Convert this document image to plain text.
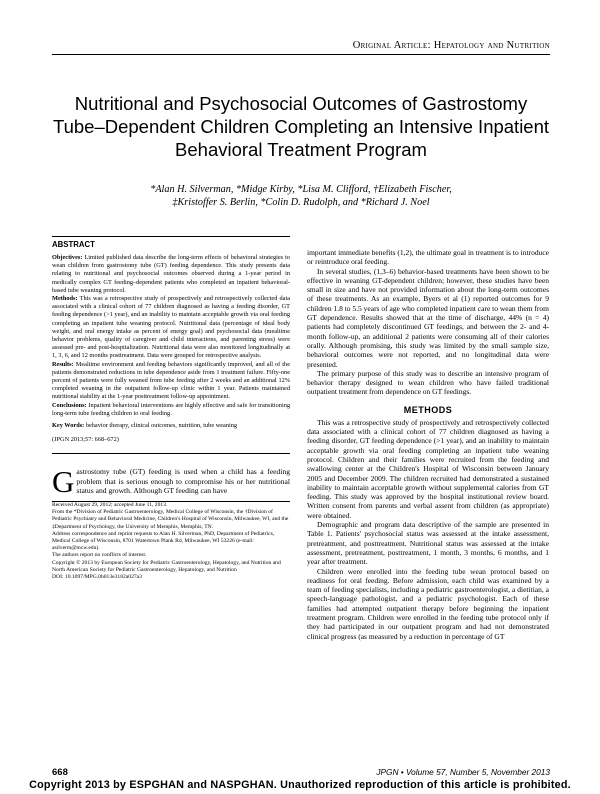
Original Article: Hepatology and Nutrition
Nutritional and Psychosocial Outcomes of Gastrostomy Tube–Dependent Children Completing an Intensive Inpatient Behavioral Treatment Program
*Alan H. Silverman, *Midge Kirby, *Lisa M. Clifford, †Elizabeth Fischer,
‡Kristoffer S. Berlin, *Colin D. Rudolph, and *Richard J. Noel
ABSTRACT

Objectives: Limited published data describe the long-term effects of behavioral strategies to wean children from gastrostomy tube (GT) feeding dependence. This study presents data relating to nutritional and psychosocial outcomes observed during a 1-year period in medically complex GT feeding–dependent patients who completed an inpatient behavioral-based tube weaning protocol.

Methods: This was a retrospective study of prospectively and retrospectively collected data associated with a clinical cohort of 77 children diagnosed as having a feeding disorder, GT feeding dependence (>1 year), and an inability to maintain acceptable growth via oral feeding completing an inpatient tube weaning protocol. Nutritional data (percentage of ideal body weight, and oral energy intake as percent of energy goal) and psychosocial data (mealtime behavior problems, quality of caregiver and child interactions, and parenting stress) were assessed pre- and post-hospitalization. Nutritional data were also monitored longitudinally at 1, 3, 6, and 12 months posttreatment. Data were grouped for retrospective analysis.

Results: Mealtime environment and feeding behaviors significantly improved, and all of the patients demonstrated reductions in tube dependence aside from 1 treatment failure. Fifty-one percent of patients were fully weaned from tube feeding after 2 weeks and an additional 12% completed weaning in the outpatient follow-up clinic within 1 year. Patients maintained nutritional stability at the 1-year posttreatment follow-up appointment.

Conclusions: Inpatient behavioral interventions are highly effective and safe for transitioning long-term tube feeding children to oral feeding.

Key Words: behavior therapy, clinical outcomes, nutrition, tube weaning
(JPGN 2013;57: 668–672)
Gastrostomy tube (GT) feeding is used when a child has a feeding problem that is serious enough to compromise his or her nutritional status and growth. Although GT feeding can have

Received August 29, 2012; accepted June 11, 2013.

From the *Division of Pediatric Gastroenterology, Medical College of Wisconsin, the †Division of Pediatric Psychiatry and Behavioral Medicine, Children's Hospital of Wisconsin, Milwaukee, WI, and the ‡Department of Psychology, the University of Memphis, Memphis, TN.

Address correspondence and reprint requests to Alan H. Silverman, PhD, Department of Pediatrics, Medical College of Wisconsin, 8701 Watertown Plank Rd, Milwaukee, WI 53226 (e-mail: asilverm@mcw.edu).

The authors report no conflicts of interest.

Copyright © 2013 by European Society for Pediatric Gastroenterology, Hepatology, and Nutrition and North American Society for Pediatric Gastroenterology, Hepatology, and Nutrition

DOI: 10.1097/MPG.0b013e3182a027a3

important immediate benefits (1,2), the ultimate goal in treatment is to introduce or reintroduce oral feeding.

In several studies, (1,3–6) behavior-based treatments have been shown to be effective in weaning GT-dependent children; however, these studies have been small in size and have not provided information about the long-term outcomes of these treatments. As an example, Byers et al (1) reported outcomes for 9 children 1.8 to 5.5 years of age who completed inpatient care to wean them from GT dependence. Results showed that at the time of discharge, 44% (n = 4) patients had completely discontinued GT feedings, and between the 2- and 4-month follow-up, an additional 2 patients were consuming all of their calories orally. Although promising, this study was limited by the small sample size, behavioral outcomes were not reported, and no longitudinal data were presented.

The primary purpose of this study was to describe an intensive program of behavior therapy designed to wean children who have failed traditional outpatient treatment from dependence on GT feedings.

METHODS

This was a retrospective study of prospectively and retrospectively collected data associated with a clinical cohort of 77 children diagnosed as having a feeding disorder, GT feeding dependence (>1 year), and an inability to maintain acceptable growth via oral feeding completing an inpatient tube weaning protocol. Children and their families were recruited from the feeding and swallowing center at the Children's Hospital of Wisconsin between January 2005 and December 2009. The children recruited had demonstrated a sustained inability to maintain acceptable growth without supplemental calories from GT feeding. This study was approved by the hospital institutional review board. Written consent from parents and verbal assent from children (as appropriate) were obtained.

Demographic and program data descriptive of the sample are presented in Table 1. Patients' psychosocial status was assessed at the intake assessment, pretreatment, and posttreatment. Nutritional status was assessed at the intake assessment, pretreatment, posttreatment, 1 month, 3 months, 6 months, and 1 year after treatment.

Children were enrolled into the feeding tube wean protocol based on readiness for oral feeding. Before admission, each child was examined by a team of feeding specialists, including a pediatric gastroenterologist, a dietitian, a speech-language pathologist, and a pediatric psychologist. Each of these families had attempted outpatient therapy before beginning the inpatient treatment program. Children were enrolled in the feeding tube protocol only if they had participated in our outpatient program and had not demonstrated clinical progress (as measured by a reduction in percentage of GT

668	JPGN • Volume 57, Number 5, November 2013
Copyright 2013 by ESPGHAN and NASPGHAN. Unauthorized reproduction of this article is prohibited.
